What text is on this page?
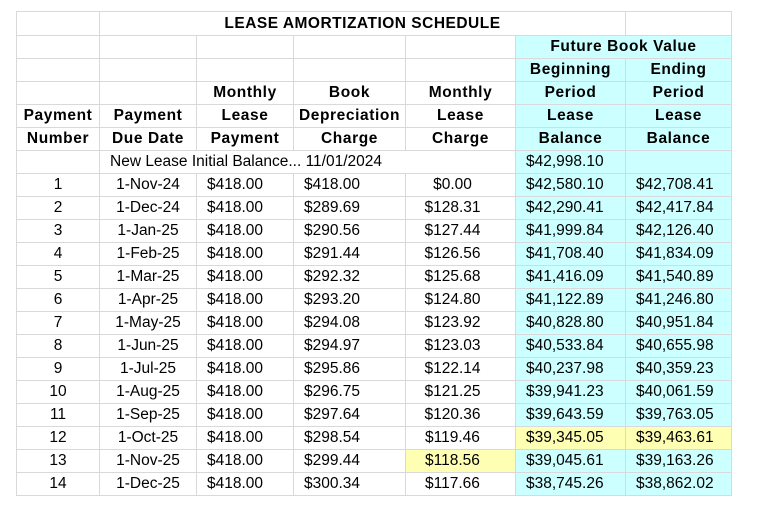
	LEASE AMORTIZATION SCHEDULE					
					Future Book Value	
					Beginning	Ending
		Monthly	Book	Monthly	Period	Period
Payment	Payment	Lease	Depreciation	Lease	Lease	Lease
Number	Due Date	Payment	Charge	Charge	Balance	Balance

	New Lease Initial Balance... 11/01/2024				$42,998.10	
1	1-Nov-24	$418.00	$418.00	$0.00	$42,580.10	$42,708.41
2	1-Dec-24	$418.00	$289.69	$128.31	$42,290.41	$42,417.84
3	1-Jan-25	$418.00	$290.56	$127.44	$41,999.84	$42,126.40
4	1-Feb-25	$418.00	$291.44	$126.56	$41,708.40	$41,834.09
5	1-Mar-25	$418.00	$292.32	$125.68	$41,416.09	$41,540.89
6	1-Apr-25	$418.00	$293.20	$124.80	$41,122.89	$41,246.80
7	1-May-25	$418.00	$294.08	$123.92	$40,828.80	$40,951.84
8	1-Jun-25	$418.00	$294.97	$123.03	$40,533.84	$40,655.98
9	1-Jul-25	$418.00	$295.86	$122.14	$40,237.98	$40,359.23
10	1-Aug-25	$418.00	$296.75	$121.25	$39,941.23	$40,061.59
11	1-Sep-25	$418.00	$297.64	$120.36	$39,643.59	$39,763.05
12	1-Oct-25	$418.00	$298.54	$119.46	$39,345.05	$39,463.61
13	1-Nov-25	$418.00	$299.44	$118.56	$39,045.61	$39,163.26
14	1-Dec-25	$418.00	$300.34	$117.66	$38,745.26	$38,862.02
